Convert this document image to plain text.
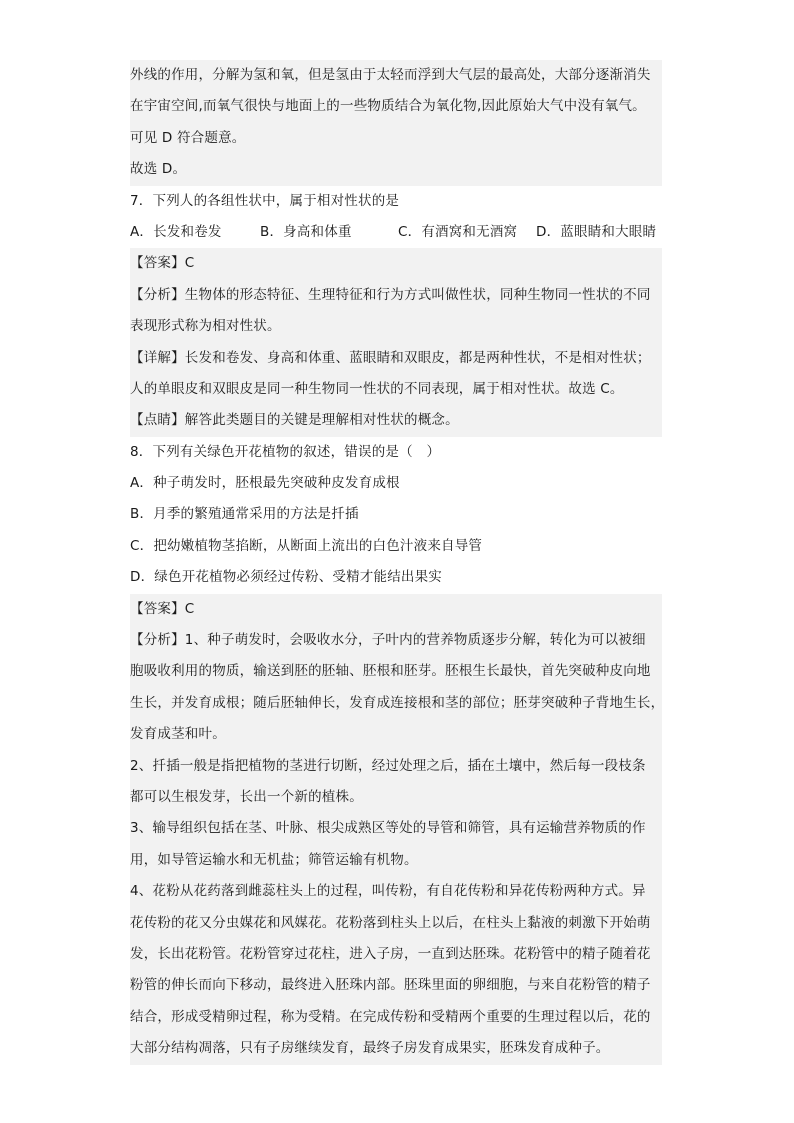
外线的作用，分解为氢和氧，但是氢由于太轻而浮到大气层的最高处，大部分逐渐消失
在宇宙空间,而氧气很快与地面上的一些物质结合为氧化物,因此原始大气中没有氧气。
可见 D 符合题意。
故选 D。
7．下列人的各组性状中，属于相对性状的是
A．长发和卷发	B．身高和体重	C．有酒窝和无酒窝	D．蓝眼睛和大眼睛
【答案】C
【分析】生物体的形态特征、生理特征和行为方式叫做性状，同种生物同一性状的不同
表现形式称为相对性状。
【详解】长发和卷发、身高和体重、蓝眼睛和双眼皮，都是两种性状，不是相对性状；
人的单眼皮和双眼皮是同一种生物同一性状的不同表现，属于相对性状。故选 C。
【点睛】解答此类题目的关键是理解相对性状的概念。
8．下列有关绿色开花植物的叙述，错误的是（　）
A．种子萌发时，胚根最先突破种皮发育成根
B．月季的繁殖通常采用的方法是扦插
C．把幼嫩植物茎掐断，从断面上流出的白色汁液来自导管
D．绿色开花植物必须经过传粉、受精才能结出果实
【答案】C
【分析】1、种子萌发时，会吸收水分，子叶内的营养物质逐步分解，转化为可以被细
胞吸收利用的物质，输送到胚的胚轴、胚根和胚芽。胚根生长最快，首先突破种皮向地
生长，并发育成根；随后胚轴伸长，发育成连接根和茎的部位；胚芽突破种子背地生长，
发育成茎和叶。
2、扦插一般是指把植物的茎进行切断，经过处理之后，插在土壤中，然后每一段枝条
都可以生根发芽，长出一个新的植株。
3、输导组织包括在茎、叶脉、根尖成熟区等处的导管和筛管，具有运输营养物质的作
用，如导管运输水和无机盐；筛管运输有机物。
4、花粉从花药落到雌蕊柱头上的过程，叫传粉，有自花传粉和异花传粉两种方式。异
花传粉的花又分虫媒花和风媒花。花粉落到柱头上以后，在柱头上黏液的刺激下开始萌
发，长出花粉管。花粉管穿过花柱，进入子房，一直到达胚珠。花粉管中的精子随着花
粉管的伸长而向下移动，最终进入胚珠内部。胚珠里面的卵细胞，与来自花粉管的精子
结合，形成受精卵过程，称为受精。在完成传粉和受精两个重要的生理过程以后，花的
大部分结构凋落，只有子房继续发育，最终子房发育成果实，胚珠发育成种子。
